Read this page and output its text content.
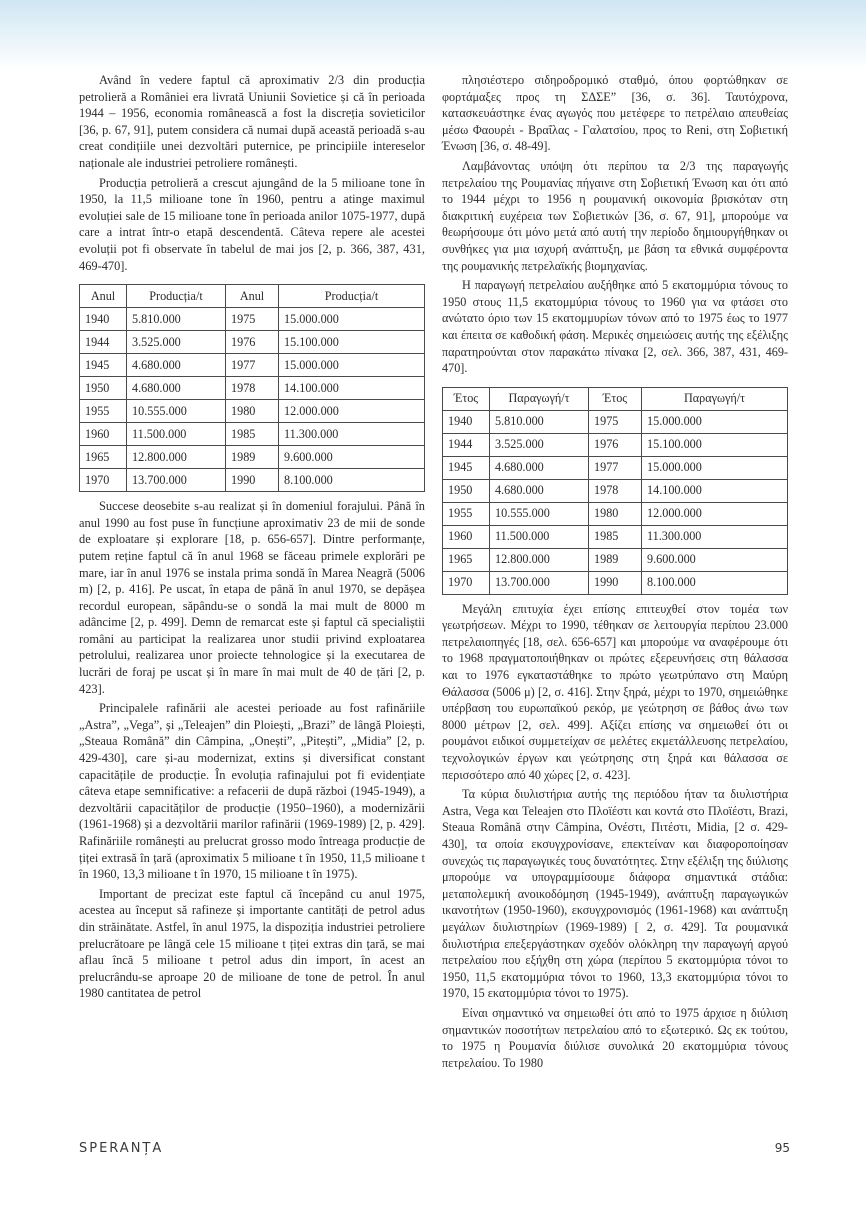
Având în vedere faptul că aproximativ 2/3 din producția petrolieră a României era livrată Uniunii Sovietice și că în perioada 1944 – 1956, economia românească a fost la discreția sovieticilor [36, p. 67, 91], putem considera că numai după această perioadă s-au creat condițiile unei dezvoltări puternice, pe principiile intereselor naționale ale industriei petroliere românești.

Producția petrolieră a crescut ajungând de la 5 milioane tone în 1950, la 11,5 milioane tone în 1960, pentru a atinge maximul evoluției sale de 15 milioane tone în perioada anilor 1075-1977, după care a intrat într-o etapă descendentă. Câteva repere ale acestei evoluții pot fi observate în tabelul de mai jos [2, p. 366, 387, 431, 469-470].

Anul	Producția/t	Anul	Producția/t
1940	5.810.000	1975	15.000.000
1944	3.525.000	1976	15.100.000
1945	4.680.000	1977	15.000.000
1950	4.680.000	1978	14.100.000
1955	10.555.000	1980	12.000.000
1960	11.500.000	1985	11.300.000
1965	12.800.000	1989	9.600.000
1970	13.700.000	1990	8.100.000

Succese deosebite s-au realizat și în domeniul forajului. Până în anul 1990 au fost puse în funcțiune aproximativ 23 de mii de sonde de exploatare și explorare [18, p. 656-657]. Dintre performanțe, putem reține faptul că în anul 1968 se făceau primele explorări pe mare, iar în anul 1976 se instala prima sondă în Marea Neagră (5006 m) [2, p. 416]. Pe uscat, în etapa de până în anul 1970, se depășea recordul european, săpându-se o sondă la mai mult de 8000 m adâncime [2, p. 499]. Demn de remarcat este și faptul că specialiștii români au participat la realizarea unor studii privind exploatarea petrolului, realizarea unor proiecte tehnologice și la executarea de lucrări de foraj pe uscat și în mare în mai mult de 40 de țări [2, p. 423].

Principalele rafinării ale acestei perioade au fost rafinăriile „Astra”, „Vega”, și „Teleajen” din Ploiești, „Brazi” de lângă Ploiești, „Steaua Română” din Câmpina, „Onești”, „Pitești”, „Midia” [2, p. 429-430], care și-au modernizat, extins și diversificat constant capacitățile de producție. În evoluția rafinajului pot fi evidențiate câteva etape semnificative: a refacerii de după război (1945-1949), a dezvoltării capacităților de producție (1950–1960), a modernizării (1961-1968) și a dezvoltării marilor rafinării (1969-1989) [2, p. 429]. Rafinăriile românești au prelucrat grosso modo întreaga producție de țiței extrasă în țară (aproximatix 5 milioane t în 1950, 11,5 milioane t în 1960, 13,3 milioane t în 1970, 15 milioane t în 1975).

Important de precizat este faptul că începând cu anul 1975, acestea au început să rafineze și importante cantități de petrol adus din străinătate. Astfel, în anul 1975, la dispoziția industriei petroliere prelucrătoare pe lângă cele 15 milioane t țiței extras din țară, se mai aflau încă 5 milioane t petrol adus din import, în acest an prelucrându-se aproape 20 de milioane de tone de petrol. În anul 1980 cantitatea de petrol

πλησιέστερο σιδηροδρομικό σταθμό, όπου φορτώθηκαν σε φορτάμαξες προς τη ΣΔΣΕ” [36, σ. 36]. Ταυτόχρονα, κατασκευάστηκε ένας αγωγός που μετέφερε το πετρέλαιο απευθείας μέσω Φαουρέι - Βραΐλας - Γαλατσίου, προς το Reni, στη Σοβιετική Ένωση [36, σ. 48-49].

Λαμβάνοντας υπόψη ότι περίπου τα 2/3 της παραγωγής πετρελαίου της Ρουμανίας πήγαινε στη Σοβιετική Ένωση και ότι από το 1944 μέχρι το 1956 η ρουμανική οικονομία βρισκόταν στη διακριτική ευχέρεια των Σοβιετικών [36, σ. 67, 91], μπορούμε να θεωρήσουμε ότι μόνο μετά από αυτή την περίοδο δημιουργήθηκαν οι συνθήκες για μια ισχυρή ανάπτυξη, με βάση τα εθνικά συμφέροντα της ρουμανικής πετρελαϊκής βιομηχανίας.

Η παραγωγή πετρελαίου αυξήθηκε από 5 εκατομμύρια τόνους το 1950 στους 11,5 εκατομμύρια τόνους το 1960 για να φτάσει στο ανώτατο όριο των 15 εκατομμυρίων τόνων από το 1975 έως το 1977 και έπειτα σε καθοδική φάση. Μερικές σημειώσεις αυτής της εξέλιξης παρατηρούνται στον παρακάτω πίνακα [2, σελ. 366, 387, 431, 469-470].

Έτος	Παραγωγή/τ	Έτος	Παραγωγή/τ
1940	5.810.000	1975	15.000.000
1944	3.525.000	1976	15.100.000
1945	4.680.000	1977	15.000.000
1950	4.680.000	1978	14.100.000
1955	10.555.000	1980	12.000.000
1960	11.500.000	1985	11.300.000
1965	12.800.000	1989	9.600.000
1970	13.700.000	1990	8.100.000

Μεγάλη επιτυχία έχει επίσης επιτευχθεί στον τομέα των γεωτρήσεων. Μέχρι το 1990, τέθηκαν σε λειτουργία περίπου 23.000 πετρελαιοπηγές [18, σελ. 656-657] και μπορούμε να αναφέρουμε ότι το 1968 πραγματοποιήθηκαν οι πρώτες εξερευνήσεις στη θάλασσα και το 1976 εγκαταστάθηκε το πρώτο γεωτρύπανο στη Μαύρη Θάλασσα (5006 μ) [2, σ. 416]. Στην ξηρά, μέχρι το 1970, σημειώθηκε υπέρβαση του ευρωπαϊκού ρεκόρ, με γεώτρηση σε βάθος άνω των 8000 μέτρων [2, σελ. 499]. Αξίζει επίσης να σημειωθεί ότι οι ρουμάνοι ειδικοί συμμετείχαν σε μελέτες εκμετάλλευσης πετρελαίου, τεχνολογικών έργων και γεώτρησης στη ξηρά και θάλασσα σε περισσότερο από 40 χώρες [2, σ. 423].

Τα κύρια διυλιστήρια αυτής της περιόδου ήταν τα διυλιστήρια Astra, Vega και Teleajen στο Πλοϊέστι και κοντά στο Πλοϊέστι, Brazi, Steaua Română στην Câmpina, Ονέστι, Πιτέστι, Midia, [2 σ. 429-430], τα οποία εκσυγχρονίσανε, επεκτείναν και διαφοροποίησαν συνεχώς τις παραγωγικές τους δυνατότητες. Στην εξέλιξη της διύλισης μπορούμε να υπογραμμίσουμε διάφορα σημαντικά στάδια: μεταπολεμική ανοικοδόμηση (1945-1949), ανάπτυξη παραγωγικών ικανοτήτων (1950-1960), εκσυγχρονισμός (1961-1968) και ανάπτυξη μεγάλων διυλιστηρίων (1969-1989) [ 2, σ. 429]. Τα ρουμανικά διυλιστήρια επεξεργάστηκαν σχεδόν ολόκληρη την παραγωγή αργού πετρελαίου που εξήχθη στη χώρα (περίπου 5 εκατομμύρια τόνοι το 1950, 11,5 εκατομμύρια τόνοι το 1960, 13,3 εκατομμύρια τόνοι το 1970, 15 εκατομμύρια τόνοι το 1975).

Είναι σημαντικό να σημειωθεί ότι από το 1975 άρχισε η διύλιση σημαντικών ποσοτήτων πετρελαίου από το εξωτερικό. Ως εκ τούτου, το 1975 η Ρουμανία διύλισε συνολικά 20 εκατομμύρια τόνους πετρελαίου. Το 1980

SPERANȚA	95
